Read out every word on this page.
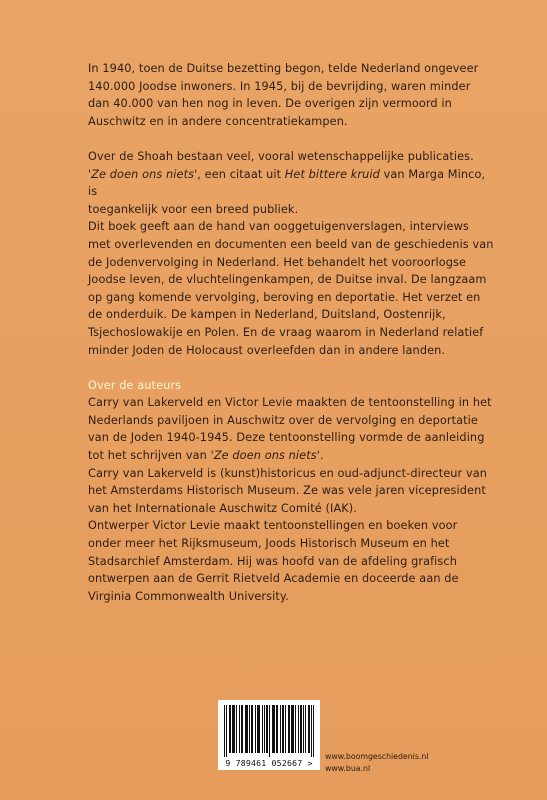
In 1940, toen de Duitse bezetting begon, telde Nederland ongeveer

140.000 Joodse inwoners. In 1945, bij de bevrijding, waren minder

dan 40.000 van hen nog in leven. De overigen zijn vermoord in

Auschwitz en in andere concentratiekampen.

Over de Shoah bestaan veel, vooral wetenschappelijke publicaties.

'Ze doen ons niets', een citaat uit Het bittere kruid van Marga Minco, is

toegankelijk voor een breed publiek.

Dit boek geeft aan de hand van ooggetuigenverslagen, interviews

met overlevenden en documenten een beeld van de geschiedenis van

de Jodenvervolging in Nederland. Het behandelt het vooroorlogse

Joodse leven, de vluchtelingenkampen, de Duitse inval. De langzaam

op gang komende vervolging, beroving en deportatie. Het verzet en

de onderduik. De kampen in Nederland, Duitsland, Oostenrijk,

Tsjechoslowakije en Polen. En de vraag waarom in Nederland relatief

minder Joden de Holocaust overleefden dan in andere landen.

Over de auteurs

Carry van Lakerveld en Victor Levie maakten de tentoonstelling in het

Nederlands paviljoen in Auschwitz over de vervolging en deportatie

van de Joden 1940-1945. Deze tentoonstelling vormde de aanleiding

tot het schrijven van 'Ze doen ons niets'.

Carry van Lakerveld is (kunst)historicus en oud-adjunct-directeur van

het Amsterdams Historisch Museum. Ze was vele jaren vicepresident

van het Internationale Auschwitz Comité (IAK).

Ontwerper Victor Levie maakt tentoonstellingen en boeken voor

onder meer het Rijksmuseum, Joods Historisch Museum en het

Stadsarchief Amsterdam. Hij was hoofd van de afdeling grafisch

ontwerpen aan de Gerrit Rietveld Academie en doceerde aan de

Virginia Commonwealth University.

9 789461 052667 >
www.boomgeschiedenis.nl
www.bua.nl
